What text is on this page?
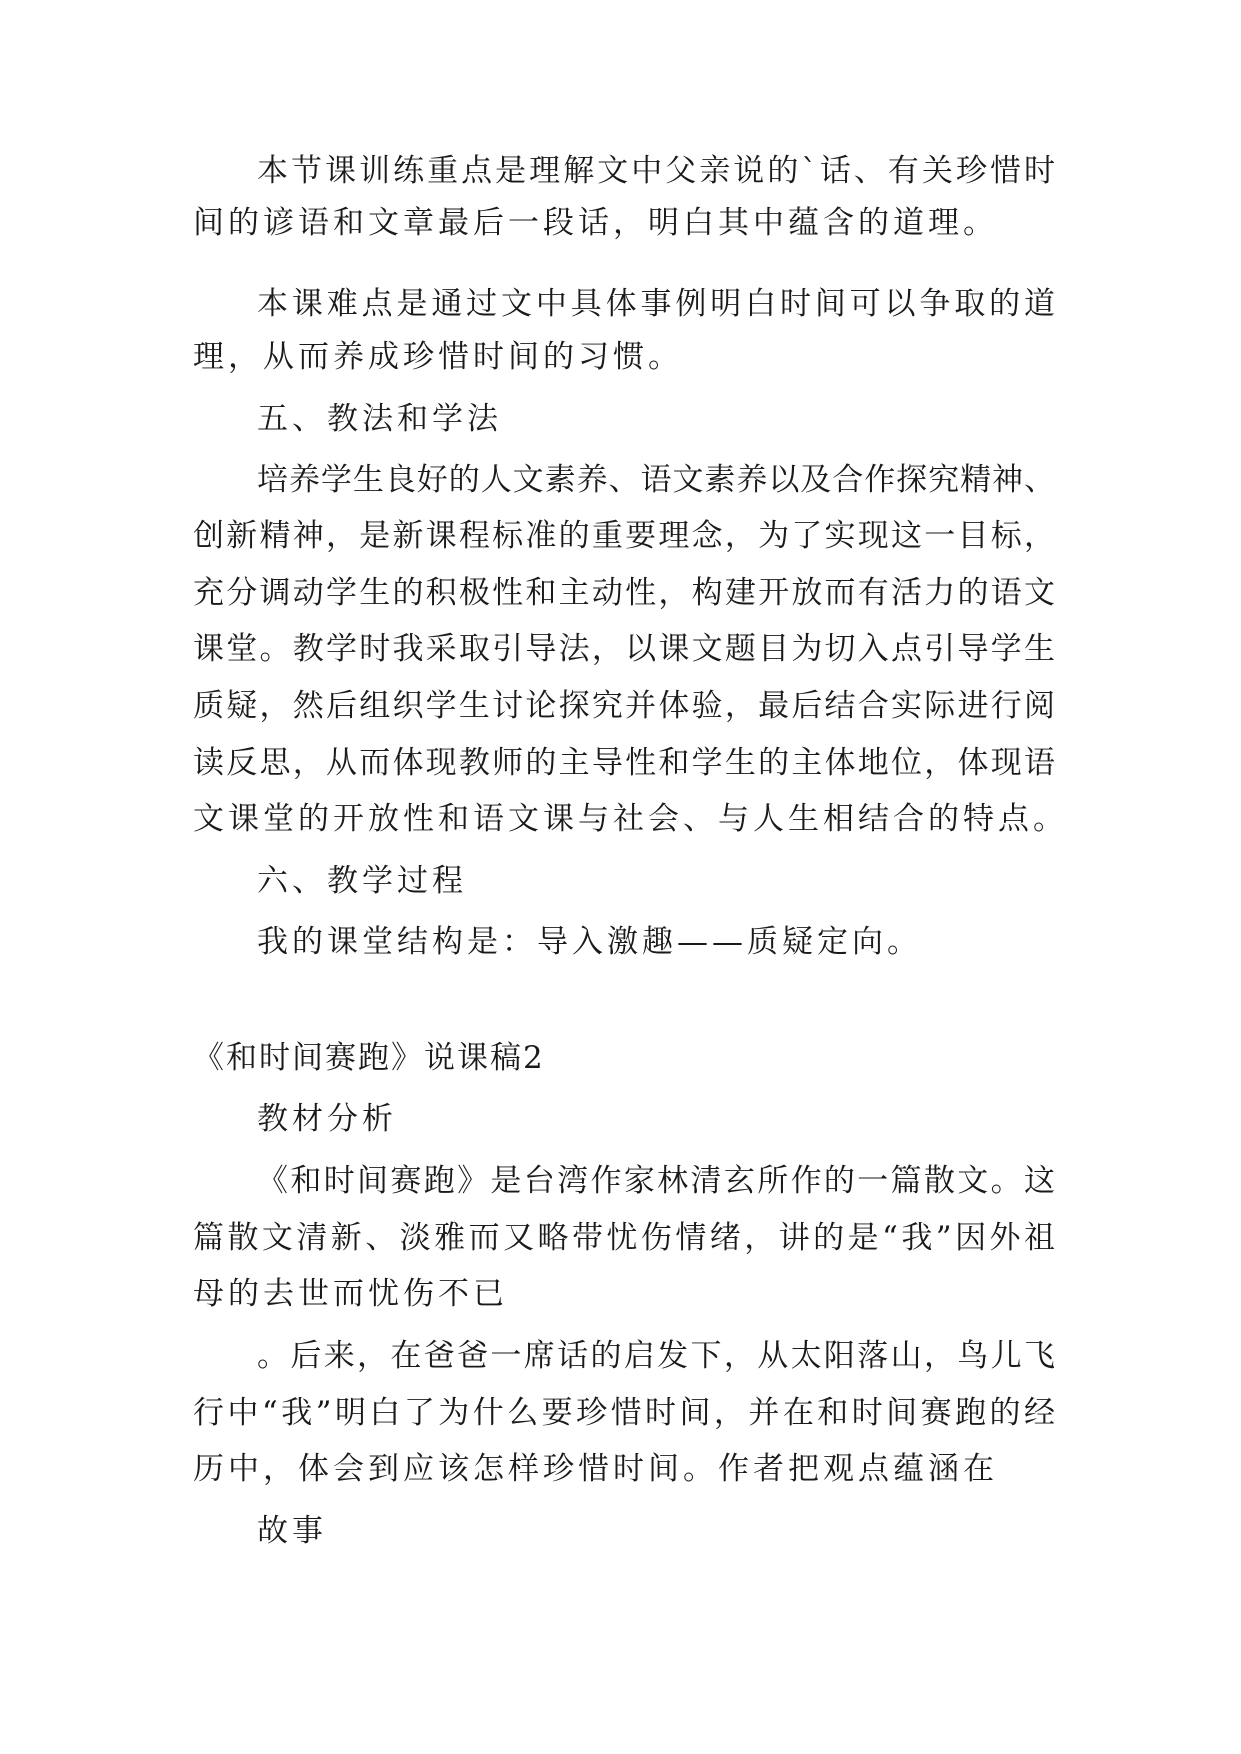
本节课训练重点是理解文中父亲说的`话、有关珍惜时
间的谚语和文章最后一段话，明白其中蕴含的道理。
本课难点是通过文中具体事例明白时间可以争取的道
理，从而养成珍惜时间的习惯。
五、教法和学法
培养学生良好的人文素养、语文素养以及合作探究精神、
创新精神，是新课程标准的重要理念，为了实现这一目标，
充分调动学生的积极性和主动性，构建开放而有活力的语文
课堂。教学时我采取引导法，以课文题目为切入点引导学生
质疑，然后组织学生讨论探究并体验，最后结合实际进行阅
读反思，从而体现教师的主导性和学生的主体地位，体现语
文课堂的开放性和语文课与社会、与人生相结合的特点。
六、教学过程
我的课堂结构是：导入激趣——质疑定向。
《和时间赛跑》说课稿2
教材分析
《和时间赛跑》是台湾作家林清玄所作的一篇散文。这
篇散文清新、淡雅而又略带忧伤情绪，讲的是“我”因外祖
母的去世而忧伤不已
。后来，在爸爸一席话的启发下，从太阳落山，鸟儿飞
行中“我”明白了为什么要珍惜时间，并在和时间赛跑的经
历中，体会到应该怎样珍惜时间。作者把观点蕴涵在
故事
